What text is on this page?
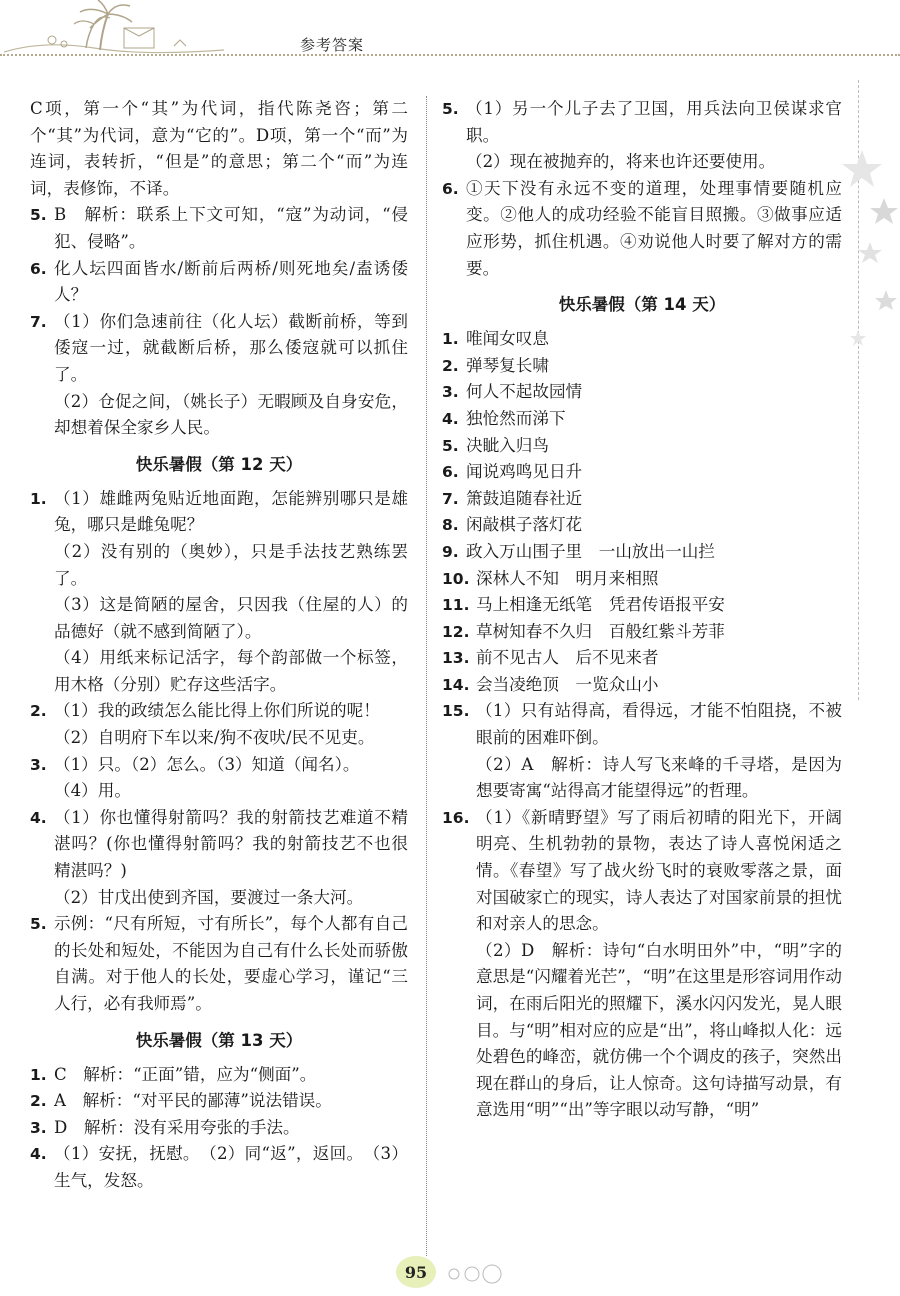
参考答案

C项，第一个“其”为代词，指代陈尧咨；第二个“其”为代词，意为“它的”。D项，第一个“而”为连词，表转折，“但是”的意思；第二个“而”为连词，表修饰，不译。

5. B　解析：联系上下文可知，“寇”为动词，“侵犯、侵略”。

6. 化人坛四面皆水/断前后两桥/则死地矣/盍诱倭人？

7. （1）你们急速前往（化人坛）截断前桥，等到倭寇一过，就截断后桥，那么倭寇就可以抓住了。

（2）仓促之间，（姚长子）无暇顾及自身安危，却想着保全家乡人民。

快乐暑假（第 12 天）
1. （1）雄雌两兔贴近地面跑，怎能辨别哪只是雄兔，哪只是雌兔呢？

（2）没有别的（奥妙），只是手法技艺熟练罢了。

（3）这是简陋的屋舍，只因我（住屋的人）的品德好（就不感到简陋了）。

（4）用纸来标记活字，每个韵部做一个标签，用木格（分别）贮存这些活字。

2. （1）我的政绩怎么能比得上你们所说的呢！

（2）自明府下车以来/狗不夜吠/民不见吏。

3. （1）只。（2）怎么。（3）知道（闻名）。

（4）用。

4. （1）你也懂得射箭吗？我的射箭技艺难道不精湛吗？(你也懂得射箭吗？我的射箭技艺不也很精湛吗？)

（2）甘戊出使到齐国，要渡过一条大河。

5. 示例：“尺有所短，寸有所长”，每个人都有自己的长处和短处，不能因为自己有什么长处而骄傲自满。对于他人的长处，要虚心学习，谨记“三人行，必有我师焉”。

快乐暑假（第 13 天）
1. C　解析：“正面”错，应为“侧面”。

2. A　解析：“对平民的鄙薄”说法错误。

3. D　解析：没有采用夸张的手法。

4. （1）安抚，抚慰。　（2）同“返”，返回。　（3）生气，发怒。

5. （1）另一个儿子去了卫国，用兵法向卫侯谋求官职。

（2）现在被抛弃的，将来也许还要使用。

6. ①天下没有永远不变的道理，处理事情要随机应变。②他人的成功经验不能盲目照搬。③做事应适应形势，抓住机遇。④劝说他人时要了解对方的需要。

快乐暑假（第 14 天）
1. 唯闻女叹息

2. 弹琴复长啸

3. 何人不起故园情

4. 独怆然而涕下

5. 决眦入归鸟

6. 闻说鸡鸣见日升

7. 箫鼓追随春社近

8. 闲敲棋子落灯花

9. 政入万山围子里　一山放出一山拦

10. 深林人不知　明月来相照

11. 马上相逢无纸笔　凭君传语报平安

12. 草树知春不久归　百般红紫斗芳菲

13. 前不见古人　后不见来者

14. 会当凌绝顶　一览众山小

15. （1）只有站得高，看得远，才能不怕阻挠，不被眼前的困难吓倒。

（2）A　解析：诗人写飞来峰的千寻塔，是因为想要寄寓“站得高才能望得远”的哲理。

16. （1）《新晴野望》写了雨后初晴的阳光下，开阔明亮、生机勃勃的景物，表达了诗人喜悦闲适之情。《春望》写了战火纷飞时的衰败零落之景，面对国破家亡的现实，诗人表达了对国家前景的担忧和对亲人的思念。

（2）D　解析：诗句“白水明田外”中，“明”字的意思是“闪耀着光芒”，“明”在这里是形容词用作动词，在雨后阳光的照耀下，溪水闪闪发光，晃人眼目。与“明”相对应的应是“出”，将山峰拟人化：远处碧色的峰峦，就仿佛一个个调皮的孩子，突然出现在群山的身后，让人惊奇。这句诗描写动景，有意选用“明”“出”等字眼以动写静，“明”

95
